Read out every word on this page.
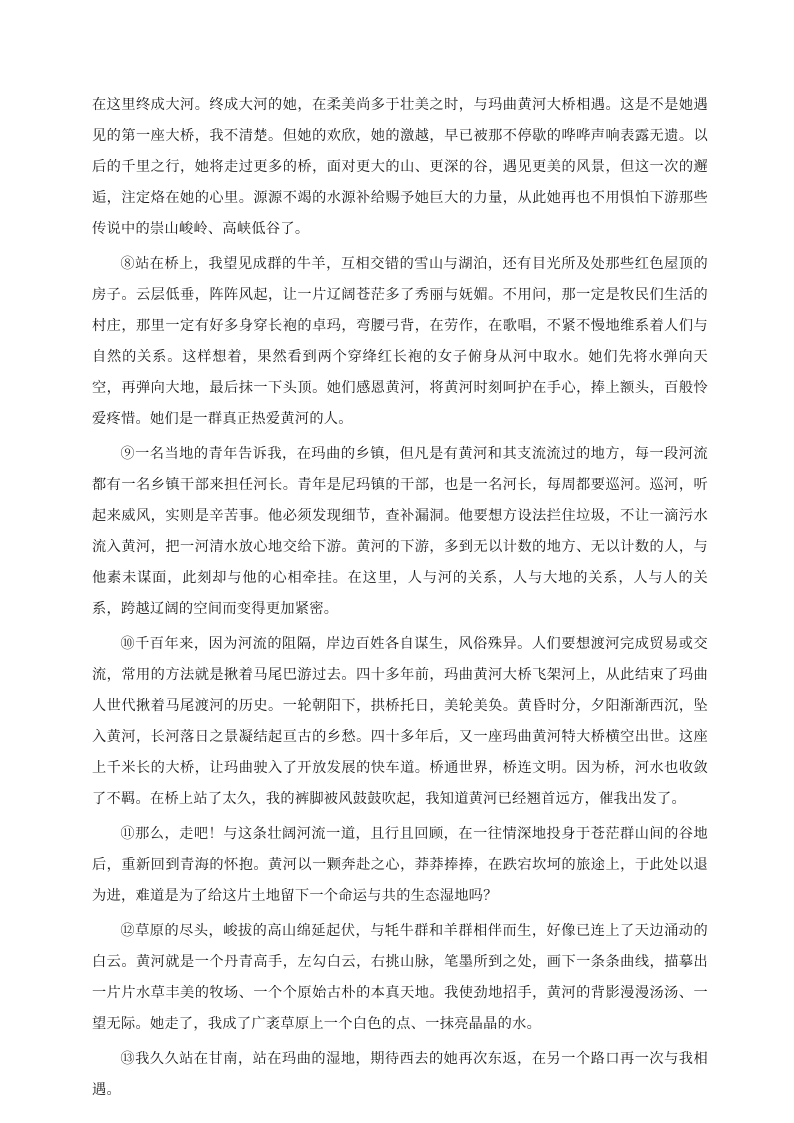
在这里终成大河。终成大河的她，在柔美尚多于壮美之时，与玛曲黄河大桥相遇。这是不是她遇见的第一座大桥，我不清楚。但她的欢欣，她的激越，早已被那不停歇的哗哗声响表露无遗。以后的千里之行，她将走过更多的桥，面对更大的山、更深的谷，遇见更美的风景，但这一次的邂逅，注定烙在她的心里。源源不竭的水源补给赐予她巨大的力量，从此她再也不用惧怕下游那些传说中的崇山峻岭、高峡低谷了。

⑧站在桥上，我望见成群的牛羊，互相交错的雪山与湖泊，还有目光所及处那些红色屋顶的房子。云层低垂，阵阵风起，让一片辽阔苍茫多了秀丽与妩媚。不用问，那一定是牧民们生活的村庄，那里一定有好多身穿长袍的卓玛，弯腰弓背，在劳作，在歌唱，不紧不慢地维系着人们与自然的关系。这样想着，果然看到两个穿绛红长袍的女子俯身从河中取水。她们先将水弹向天空，再弹向大地，最后抹一下头顶。她们感恩黄河，将黄河时刻呵护在手心，捧上额头，百般怜爱疼惜。她们是一群真正热爱黄河的人。

⑨一名当地的青年告诉我，在玛曲的乡镇，但凡是有黄河和其支流流过的地方，每一段河流都有一名乡镇干部来担任河长。青年是尼玛镇的干部，也是一名河长，每周都要巡河。巡河，听起来威风，实则是辛苦事。他必须发现细节，查补漏洞。他要想方设法拦住垃圾，不让一滴污水流入黄河，把一河清水放心地交给下游。黄河的下游，多到无以计数的地方、无以计数的人，与他素未谋面，此刻却与他的心相牵挂。在这里，人与河的关系，人与大地的关系，人与人的关系，跨越辽阔的空间而变得更加紧密。

⑩千百年来，因为河流的阻隔，岸边百姓各自谋生，风俗殊异。人们要想渡河完成贸易或交流，常用的方法就是揪着马尾巴游过去。四十多年前，玛曲黄河大桥飞架河上，从此结束了玛曲人世代揪着马尾渡河的历史。一轮朝阳下，拱桥托日，美轮美奂。黄昏时分，夕阳渐渐西沉，坠入黄河，长河落日之景凝结起亘古的乡愁。四十多年后，又一座玛曲黄河特大桥横空出世。这座上千米长的大桥，让玛曲驶入了开放发展的快车道。桥通世界，桥连文明。因为桥，河水也收敛了不羁。在桥上站了太久，我的裤脚被风鼓鼓吹起，我知道黄河已经翘首远方，催我出发了。

⑪那么，走吧！与这条壮阔河流一道，且行且回顾，在一往情深地投身于苍茫群山间的谷地后，重新回到青海的怀抱。黄河以一颗奔赴之心，莽莽捧捧，在跌宕坎坷的旅途上，于此处以退为进，难道是为了给这片土地留下一个命运与共的生态湿地吗？

⑫草原的尽头，峻拔的高山绵延起伏，与牦牛群和羊群相伴而生，好像已连上了天边涌动的白云。黄河就是一个丹青高手，左勾白云，右挑山脉，笔墨所到之处，画下一条条曲线，描摹出一片片水草丰美的牧场、一个个原始古朴的本真天地。我使劲地招手，黄河的背影漫漫汤汤、一望无际。她走了，我成了广袤草原上一个白色的点、一抹亮晶晶的水。

⑬我久久站在甘南，站在玛曲的湿地，期待西去的她再次东返，在另一个路口再一次与我相遇。
